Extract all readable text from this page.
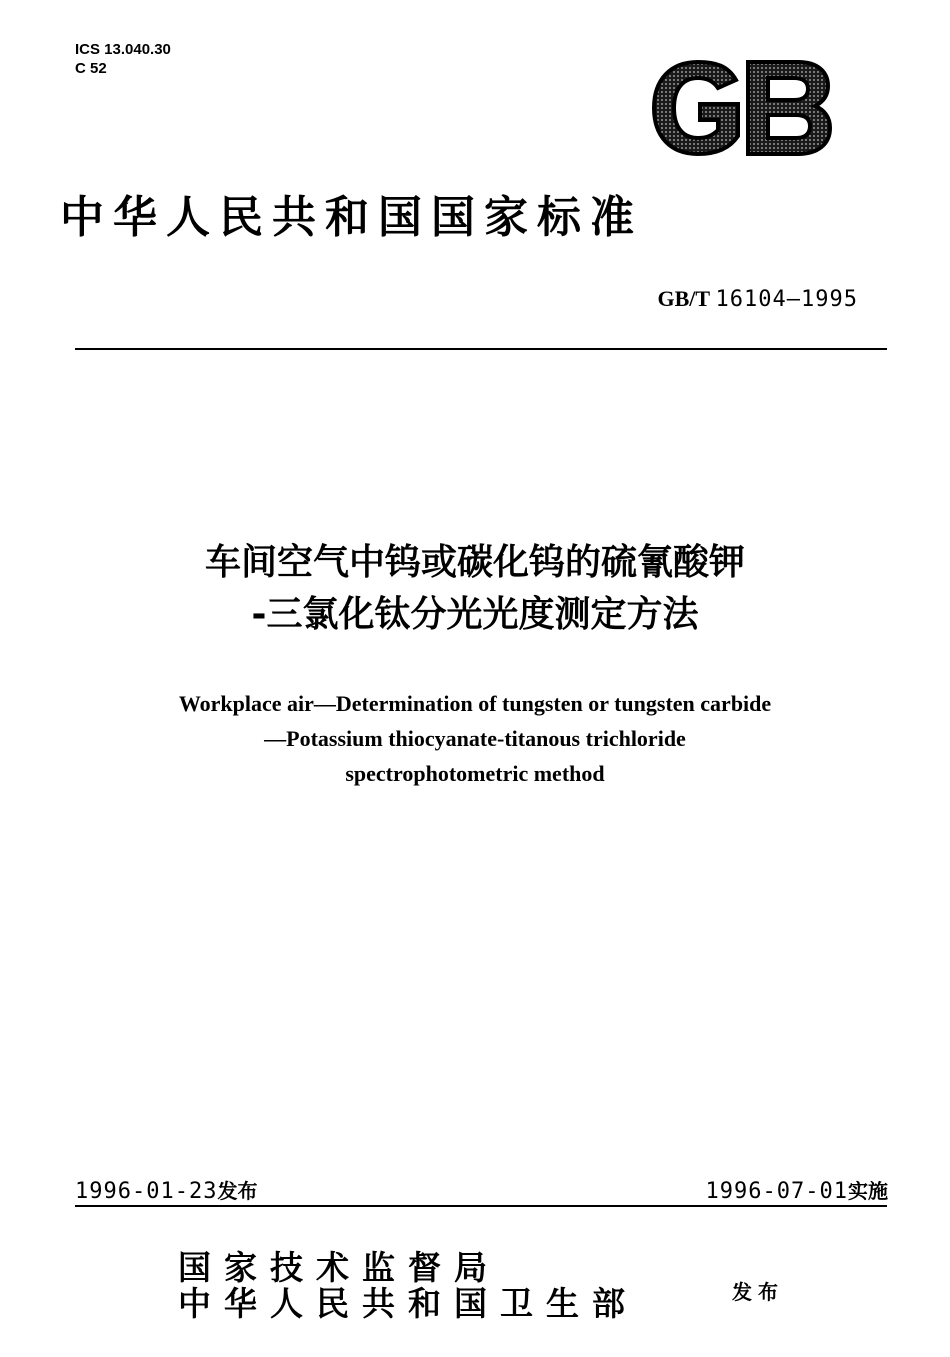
ICS 13.040.30
C 52
中华人民共和国国家标准
GB/T 16104—1995
车间空气中钨或碳化钨的硫氰酸钾
-三氯化钛分光光度测定方法
Workplace air—Determination of tungsten or tungsten carbide
—Potassium thiocyanate-titanous trichloride
spectrophotometric method
1996-01-23发布	1996-07-01实施
国家技术监督局
中华人民共和国卫生部	发布
